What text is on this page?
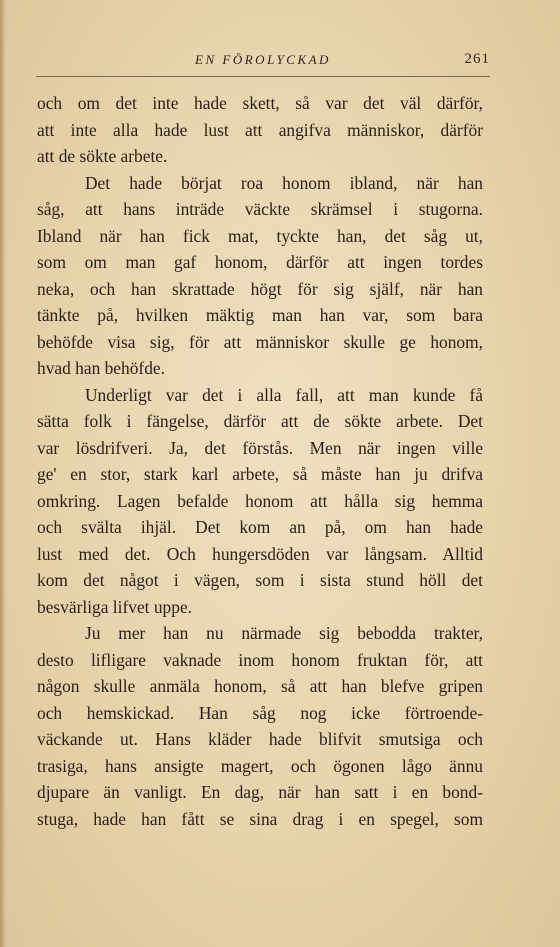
EN FÖROLYCKAD	261
och om det inte hade skett, så var det väl därför,
att inte alla hade lust att angifva människor, därför
att de sökte arbete.
Det hade börjat roa honom ibland, när han
såg, att hans inträde väckte skrämsel i stugorna.
Ibland när han fick mat, tyckte han, det såg ut,
som om man gaf honom, därför att ingen tordes
neka, och han skrattade högt för sig själf, när han
tänkte på, hvilken mäktig man han var, som bara
behöfde visa sig, för att människor skulle ge honom,
hvad han behöfde.
Underligt var det i alla fall, att man kunde få
sätta folk i fängelse, därför att de sökte arbete. Det
var lösdrifveri. Ja, det förstås. Men när ingen ville
ge' en stor, stark karl arbete, så måste han ju drifva
omkring. Lagen befalde honom att hålla sig hemma
och svälta ihjäl. Det kom an på, om han hade
lust med det. Och hungersdöden var långsam. Alltid
kom det något i vägen, som i sista stund höll det
besvärliga lifvet uppe.
Ju mer han nu närmade sig bebodda trakter,
desto lifligare vaknade inom honom fruktan för, att
någon skulle anmäla honom, så att han blefve gripen
och hemskickad. Han såg nog icke förtroende-
väckande ut. Hans kläder hade blifvit smutsiga och
trasiga, hans ansigte magert, och ögonen lågo ännu
djupare än vanligt. En dag, när han satt i en bond-
stuga, hade han fått se sina drag i en spegel, som
